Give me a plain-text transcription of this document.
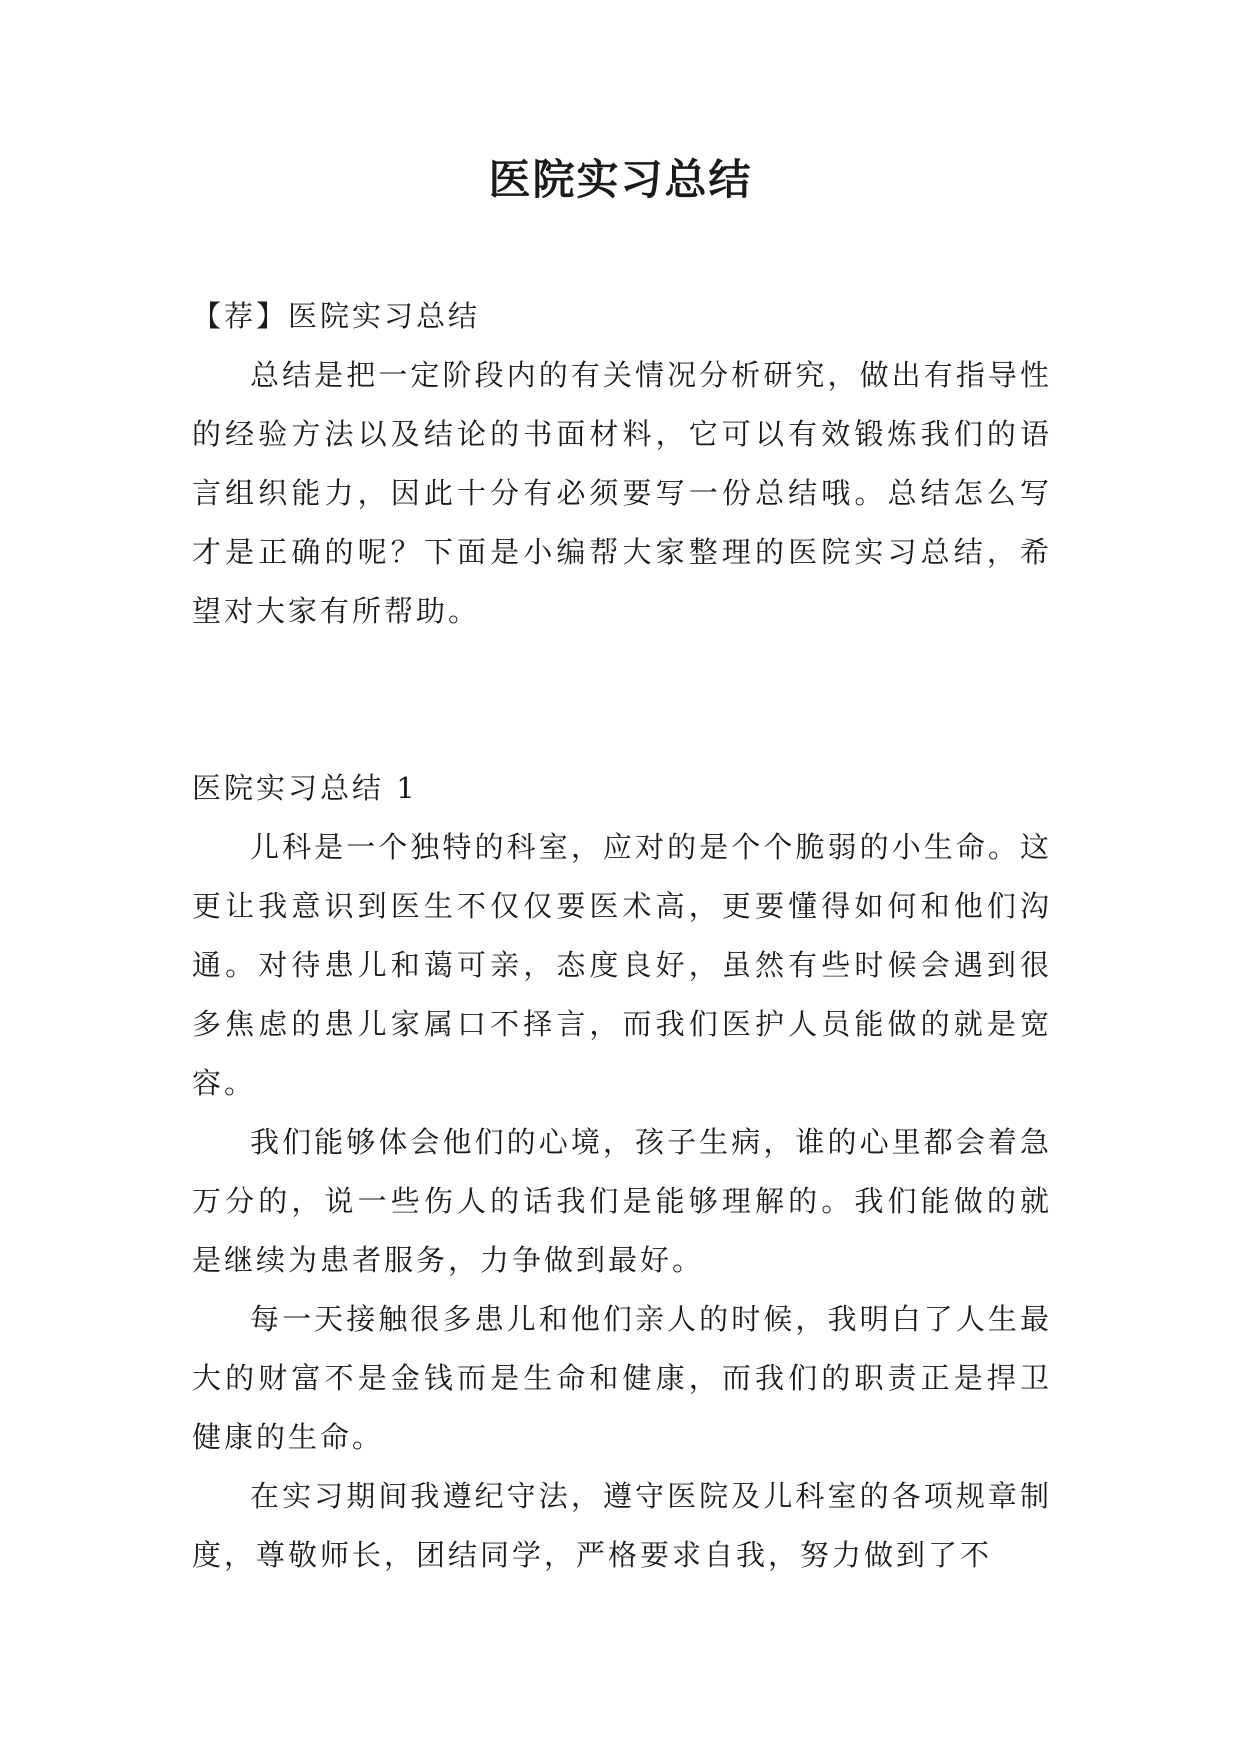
医院实习总结

【荐】医院实习总结

总结是把一定阶段内的有关情况分析研究，做出有指导性的经验方法以及结论的书面材料，它可以有效锻炼我们的语言组织能力，因此十分有必须要写一份总结哦。总结怎么写才是正确的呢？下面是小编帮大家整理的医院实习总结，希望对大家有所帮助。

医院实习总结 1

儿科是一个独特的科室，应对的是个个脆弱的小生命。这更让我意识到医生不仅仅要医术高，更要懂得如何和他们沟通。对待患儿和蔼可亲，态度良好，虽然有些时候会遇到很多焦虑的患儿家属口不择言，而我们医护人员能做的就是宽容。

我们能够体会他们的心境，孩子生病，谁的心里都会着急万分的，说一些伤人的话我们是能够理解的。我们能做的就是继续为患者服务，力争做到最好。

每一天接触很多患儿和他们亲人的时候，我明白了人生最大的财富不是金钱而是生命和健康，而我们的职责正是捍卫健康的生命。

在实习期间我遵纪守法，遵守医院及儿科室的各项规章制度，尊敬师长，团结同学，严格要求自我，努力做到了不
